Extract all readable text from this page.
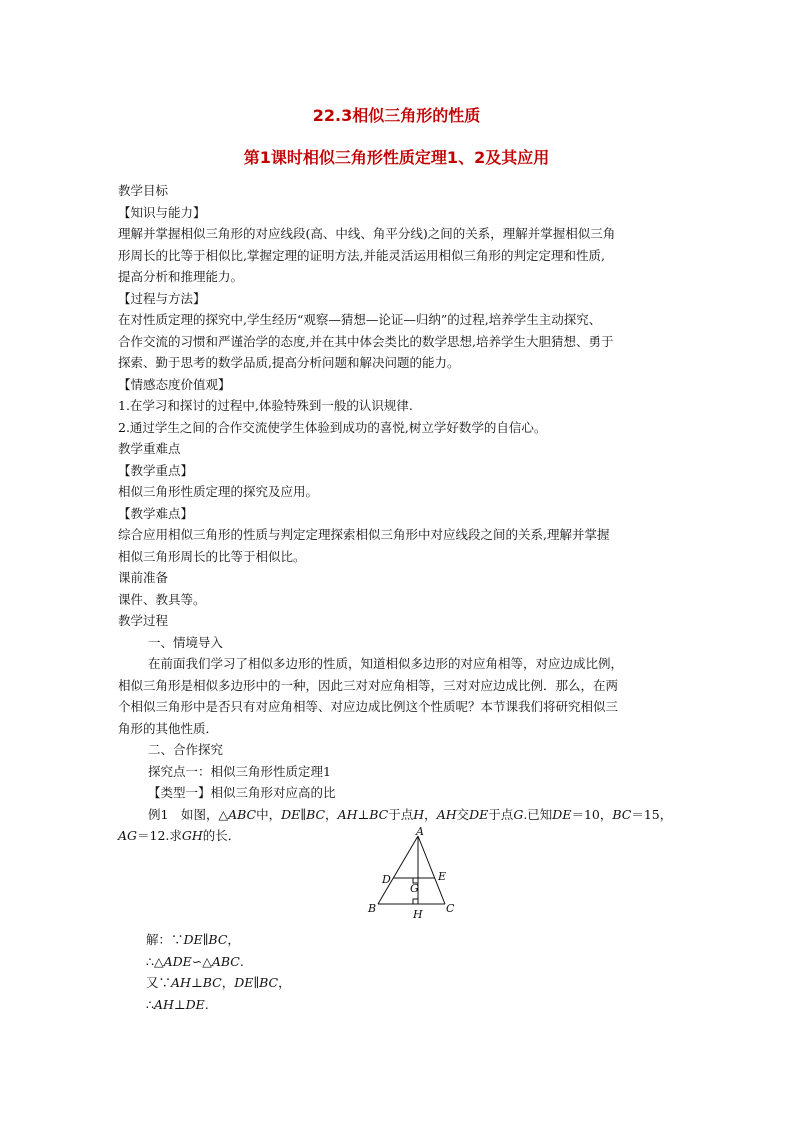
22.3相似三角形的性质
第1课时相似三角形性质定理1、2及其应用
教学目标
【知识与能力】
理解并掌握相似三角形的对应线段(高、中线、角平分线)之间的关系，理解并掌握相似三角
形周长的比等于相似比,掌握定理的证明方法,并能灵活运用相似三角形的判定定理和性质,
提高分析和推理能力。
【过程与方法】
在对性质定理的探究中,学生经历“观察—猜想—论证—归纳”的过程,培养学生主动探究、
合作交流的习惯和严谨治学的态度,并在其中体会类比的数学思想,培养学生大胆猜想、勇于
探索、勤于思考的数学品质,提高分析问题和解决问题的能力。
【情感态度价值观】
1.在学习和探讨的过程中,体验特殊到一般的认识规律.
2.通过学生之间的合作交流使学生体验到成功的喜悦,树立学好数学的自信心。
教学重难点
【教学重点】
相似三角形性质定理的探究及应用。
【教学难点】
综合应用相似三角形的性质与判定定理探索相似三角形中对应线段之间的关系,理解并掌握
相似三角形周长的比等于相似比。
课前准备
课件、教具等。
教学过程
一、情境导入
在前面我们学习了相似多边形的性质，知道相似多边形的对应角相等，对应边成比例，
相似三角形是相似多边形中的一种，因此三对对应角相等，三对对应边成比例．那么，在两
个相似三角形中是否只有对应角相等、对应边成比例这个性质呢？本节课我们将研究相似三
角形的其他性质．
二、合作探究
探究点一：相似三角形性质定理1
【类型一】相似三角形对应高的比
例1　 如图，△ABC中，DE∥BC，AH⊥BC于点H，AH交DE于点G.已知DE＝10，BC＝15，
AG＝12.求GH的长．	A
B	C
D	E
G
H
解：∵DE∥BC，
∴△ADE∽△ABC.
又∵AH⊥BC，DE∥BC，
∴AH⊥DE.
